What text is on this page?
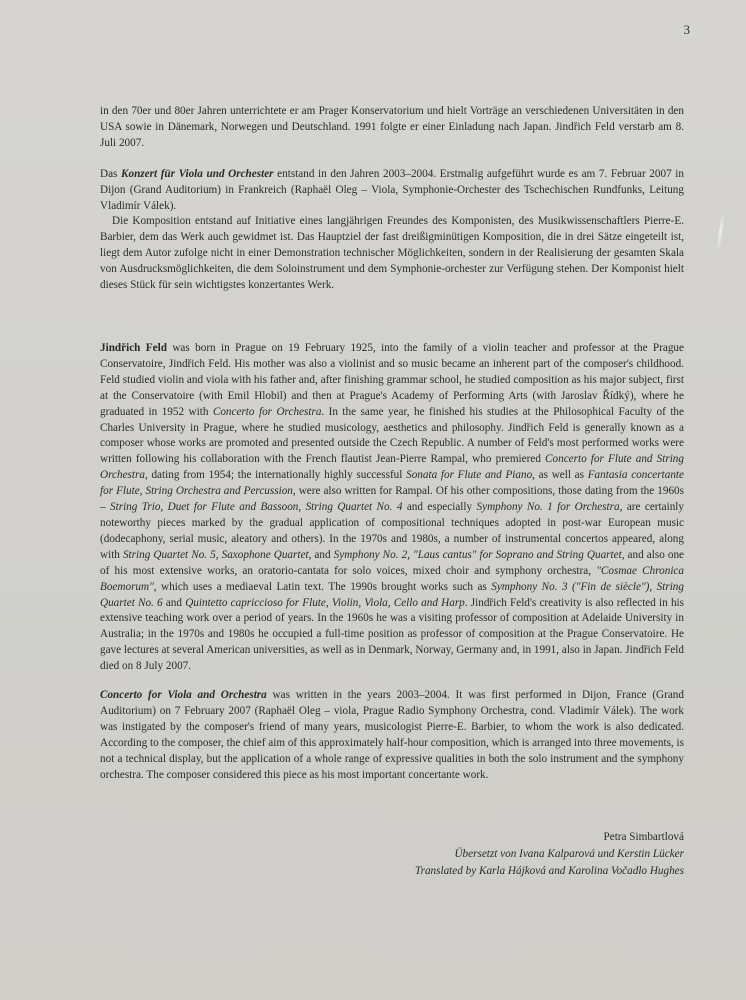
3

in den 70er und 80er Jahren unterrichtete er am Prager Konservatorium und hielt Vorträge an verschiedenen Universitäten in den USA sowie in Dänemark, Norwegen und Deutschland. 1991 folgte er einer Einladung nach Japan. Jindřich Feld verstarb am 8. Juli 2007.

Das Konzert für Viola und Orchester entstand in den Jahren 2003–2004. Erstmalig aufgeführt wurde es am 7. Februar 2007 in Dijon (Grand Auditorium) in Frankreich (Raphaël Oleg – Viola, Symphonie-Orchester des Tschechischen Rundfunks, Leitung Vladimír Válek).

Die Komposition entstand auf Initiative eines langjährigen Freundes des Komponisten, des Musikwissenschaftlers Pierre-E. Barbier, dem das Werk auch gewidmet ist. Das Hauptziel der fast dreißigminütigen Komposition, die in drei Sätze eingeteilt ist, liegt dem Autor zufolge nicht in einer Demonstration technischer Möglichkeiten, sondern in der Realisierung der gesamten Skala von Ausdrucksmöglichkeiten, die dem Soloinstrument und dem Symphonie-orchester zur Verfügung stehen. Der Komponist hielt dieses Stück für sein wichtigstes konzertantes Werk.

Jindřich Feld was born in Prague on 19 February 1925, into the family of a violin teacher and professor at the Prague Conservatoire, Jindřich Feld. His mother was also a violinist and so music became an inherent part of the composer's childhood. Feld studied violin and viola with his father and, after finishing grammar school, he studied composition as his major subject, first at the Conservatoire (with Emil Hlobil) and then at Prague's Academy of Performing Arts (with Jaroslav Řídký), where he graduated in 1952 with Concerto for Orchestra. In the same year, he finished his studies at the Philosophical Faculty of the Charles University in Prague, where he studied musicology, aesthetics and philosophy. Jindřich Feld is generally known as a composer whose works are promoted and presented outside the Czech Republic. A number of Feld's most performed works were written following his collaboration with the French flautist Jean-Pierre Rampal, who premiered Concerto for Flute and String Orchestra, dating from 1954; the internationally highly successful Sonata for Flute and Piano, as well as Fantasia concertante for Flute, String Orchestra and Percussion, were also written for Rampal. Of his other compositions, those dating from the 1960s – String Trio, Duet for Flute and Bassoon, String Quartet No. 4 and especially Symphony No. 1 for Orchestra, are certainly noteworthy pieces marked by the gradual application of compositional techniques adopted in post-war European music (dodecaphony, serial music, aleatory and others). In the 1970s and 1980s, a number of instrumental concertos appeared, along with String Quartet No. 5, Saxophone Quartet, and Symphony No. 2, "Laus cantus" for Soprano and String Quartet, and also one of his most extensive works, an oratorio-cantata for solo voices, mixed choir and symphony orchestra, "Cosmae Chronica Boemorum", which uses a mediaeval Latin text. The 1990s brought works such as Symphony No. 3 ("Fin de siècle"), String Quartet No. 6 and Quintetto capriccioso for Flute, Violin, Viola, Cello and Harp. Jindřich Feld's creativity is also reflected in his extensive teaching work over a period of years. In the 1960s he was a visiting professor of composition at Adelaide University in Australia; in the 1970s and 1980s he occupied a full-time position as professor of composition at the Prague Conservatoire. He gave lectures at several American universities, as well as in Denmark, Norway, Germany and, in 1991, also in Japan. Jindřich Feld died on 8 July 2007.

Concerto for Viola and Orchestra was written in the years 2003–2004. It was first performed in Dijon, France (Grand Auditorium) on 7 February 2007 (Raphaël Oleg – viola, Prague Radio Symphony Orchestra, cond. Vladimír Válek). The work was instigated by the composer's friend of many years, musicologist Pierre-E. Barbier, to whom the work is also dedicated. According to the composer, the chief aim of this approximately half-hour composition, which is arranged into three movements, is not a technical display, but the application of a whole range of expressive qualities in both the solo instrument and the symphony orchestra. The composer considered this piece as his most important concertante work.

Petra Simbartlová
Übersetzt von Ivana Kalparová und Kerstin Lücker
Translated by Karla Hájková and Karolina Vočadlo Hughes
